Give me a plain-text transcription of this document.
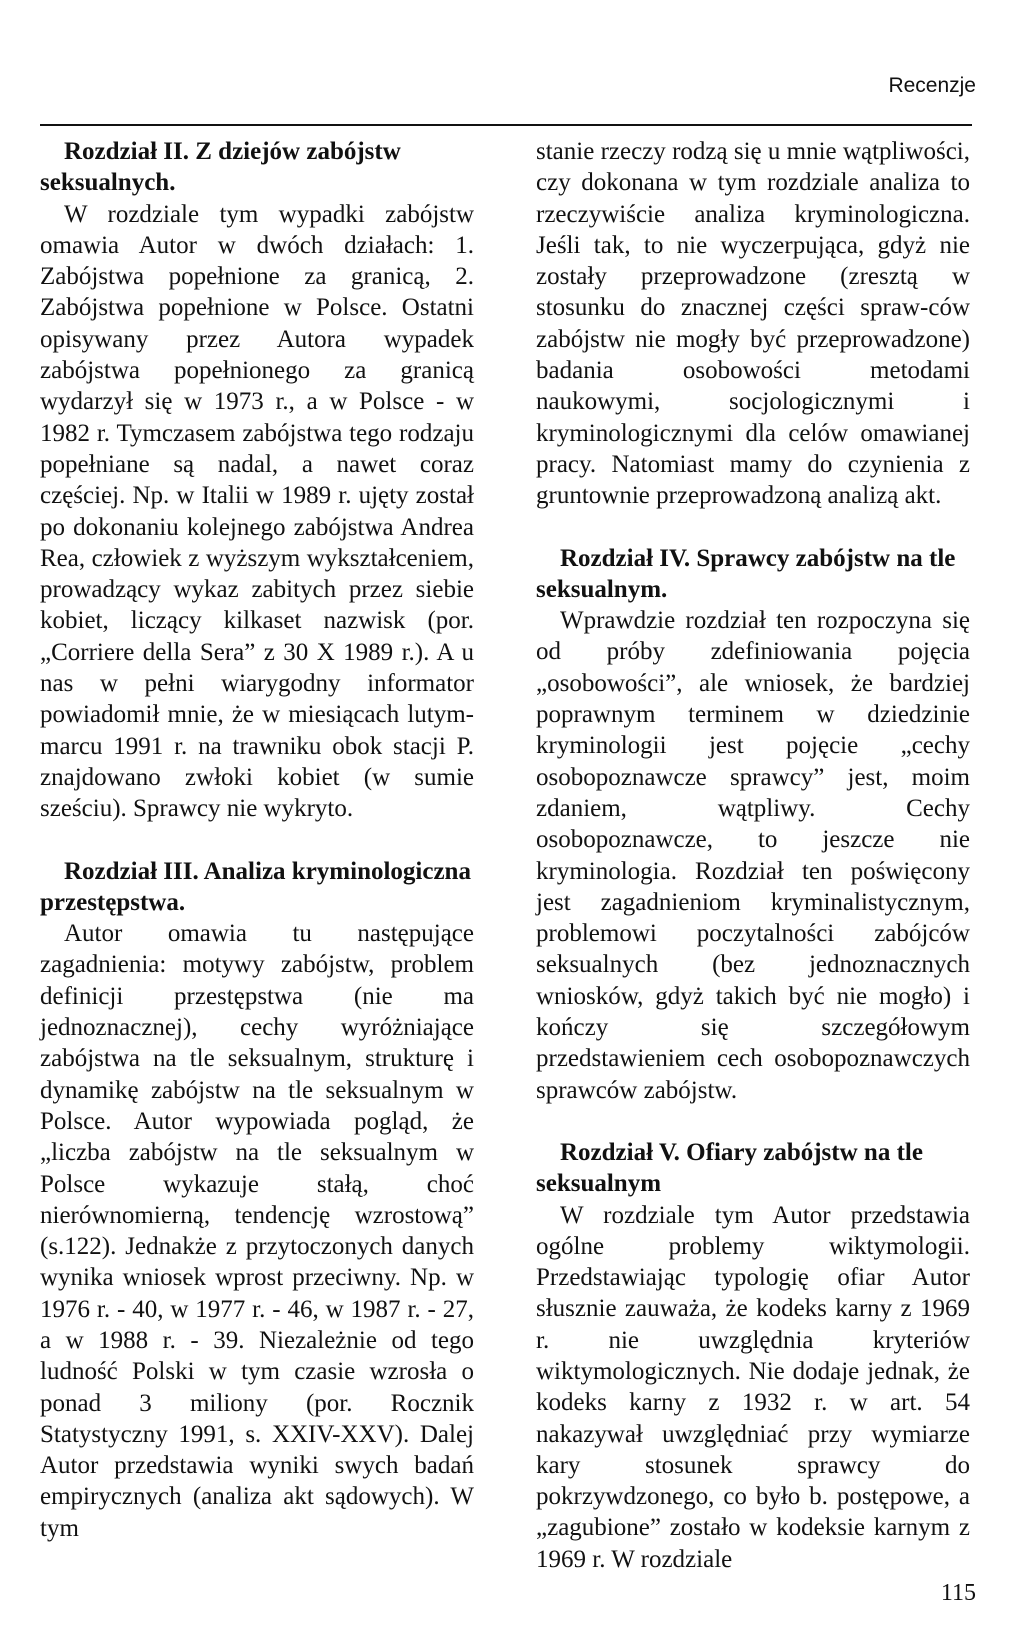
Recenzje
Rozdział II. Z dziejów zabójstw seksualnych.

W rozdziale tym wypadki zabójstw omawia Autor w dwóch działach: 1. Zabójstwa popełnione za granicą, 2. Zabójstwa popełnione w Polsce. Ostatni opisywany przez Autora wypadek zabójstwa popełnionego za granicą wydarzył się w 1973 r., a w Polsce - w 1982 r. Tymczasem zabójstwa tego rodzaju popełniane są nadal, a nawet coraz częściej. Np. w Italii w 1989 r. ujęty został po dokonaniu kolejnego zabójstwa Andrea Rea, człowiek z wyższym wykształceniem, prowadzący wykaz zabitych przez siebie kobiet, liczący kilkaset nazwisk (por. „Corriere della Sera” z 30 X 1989 r.). A u nas w pełni wiarygodny informator powiadomił mnie, że w miesiącach lutym-marcu 1991 r. na trawniku obok stacji P. znajdowano zwłoki kobiet (w sumie sześciu). Sprawcy nie wykryto.

Rozdział III. Analiza kryminologiczna przestępstwa.

Autor omawia tu następujące zagadnienia: motywy zabójstw, problem definicji przestępstwa (nie ma jednoznacznej), cechy wyróżniające zabójstwa na tle seksualnym, strukturę i dynamikę zabójstw na tle seksualnym w Polsce. Autor wypowiada pogląd, że „liczba zabójstw na tle seksualnym w Polsce wykazuje stałą, choć nierównomierną, tendencję wzrostową” (s.122). Jednakże z przytoczonych danych wynika wniosek wprost przeciwny. Np. w 1976 r. - 40, w 1977 r. - 46, w 1987 r. - 27, a w 1988 r. - 39. Niezależnie od tego ludność Polski w tym czasie wzrosła o ponad 3 miliony (por. Rocznik Statystyczny 1991, s. XXIV-XXV). Dalej Autor przedstawia wyniki swych badań empirycznych (analiza akt sądowych). W tym

stanie rzeczy rodzą się u mnie wątpliwości, czy dokonana w tym rozdziale analiza to rzeczywiście analiza kryminologiczna. Jeśli tak, to nie wyczerpująca, gdyż nie zostały przeprowadzone (zresztą w stosunku do znacznej części spraw-ców zabójstw nie mogły być przeprowadzone) badania osobowości metodami naukowymi, socjologicznymi i kryminologicznymi dla celów omawianej pracy. Natomiast mamy do czynienia z gruntownie przeprowadzoną analizą akt.

Rozdział IV. Sprawcy zabójstw na tle seksualnym.

Wprawdzie rozdział ten rozpoczyna się od próby zdefiniowania pojęcia „osobowości”, ale wniosek, że bardziej poprawnym terminem w dziedzinie kryminologii jest pojęcie „cechy osobopoznawcze sprawcy” jest, moim zdaniem, wątpliwy. Cechy osobopoznawcze, to jeszcze nie kryminologia. Rozdział ten poświęcony jest zagadnieniom kryminalistycznym, problemowi poczytalności zabójców seksualnych (bez jednoznacznych wniosków, gdyż takich być nie mogło) i kończy się szczegółowym przedstawieniem cech osobopoznawczych sprawców zabójstw.

Rozdział V. Ofiary zabójstw na tle seksualnym

W rozdziale tym Autor przedstawia ogólne problemy wiktymologii. Przedstawiając typologię ofiar Autor słusznie zauważa, że kodeks karny z 1969 r. nie uwzględnia kryteriów wiktymologicznych. Nie dodaje jednak, że kodeks karny z 1932 r. w art. 54 nakazywał uwzględniać przy wymiarze kary stosunek sprawcy do pokrzywdzonego, co było b. postępowe, a „zagubione” zostało w kodeksie karnym z 1969 r. W rozdziale

115
